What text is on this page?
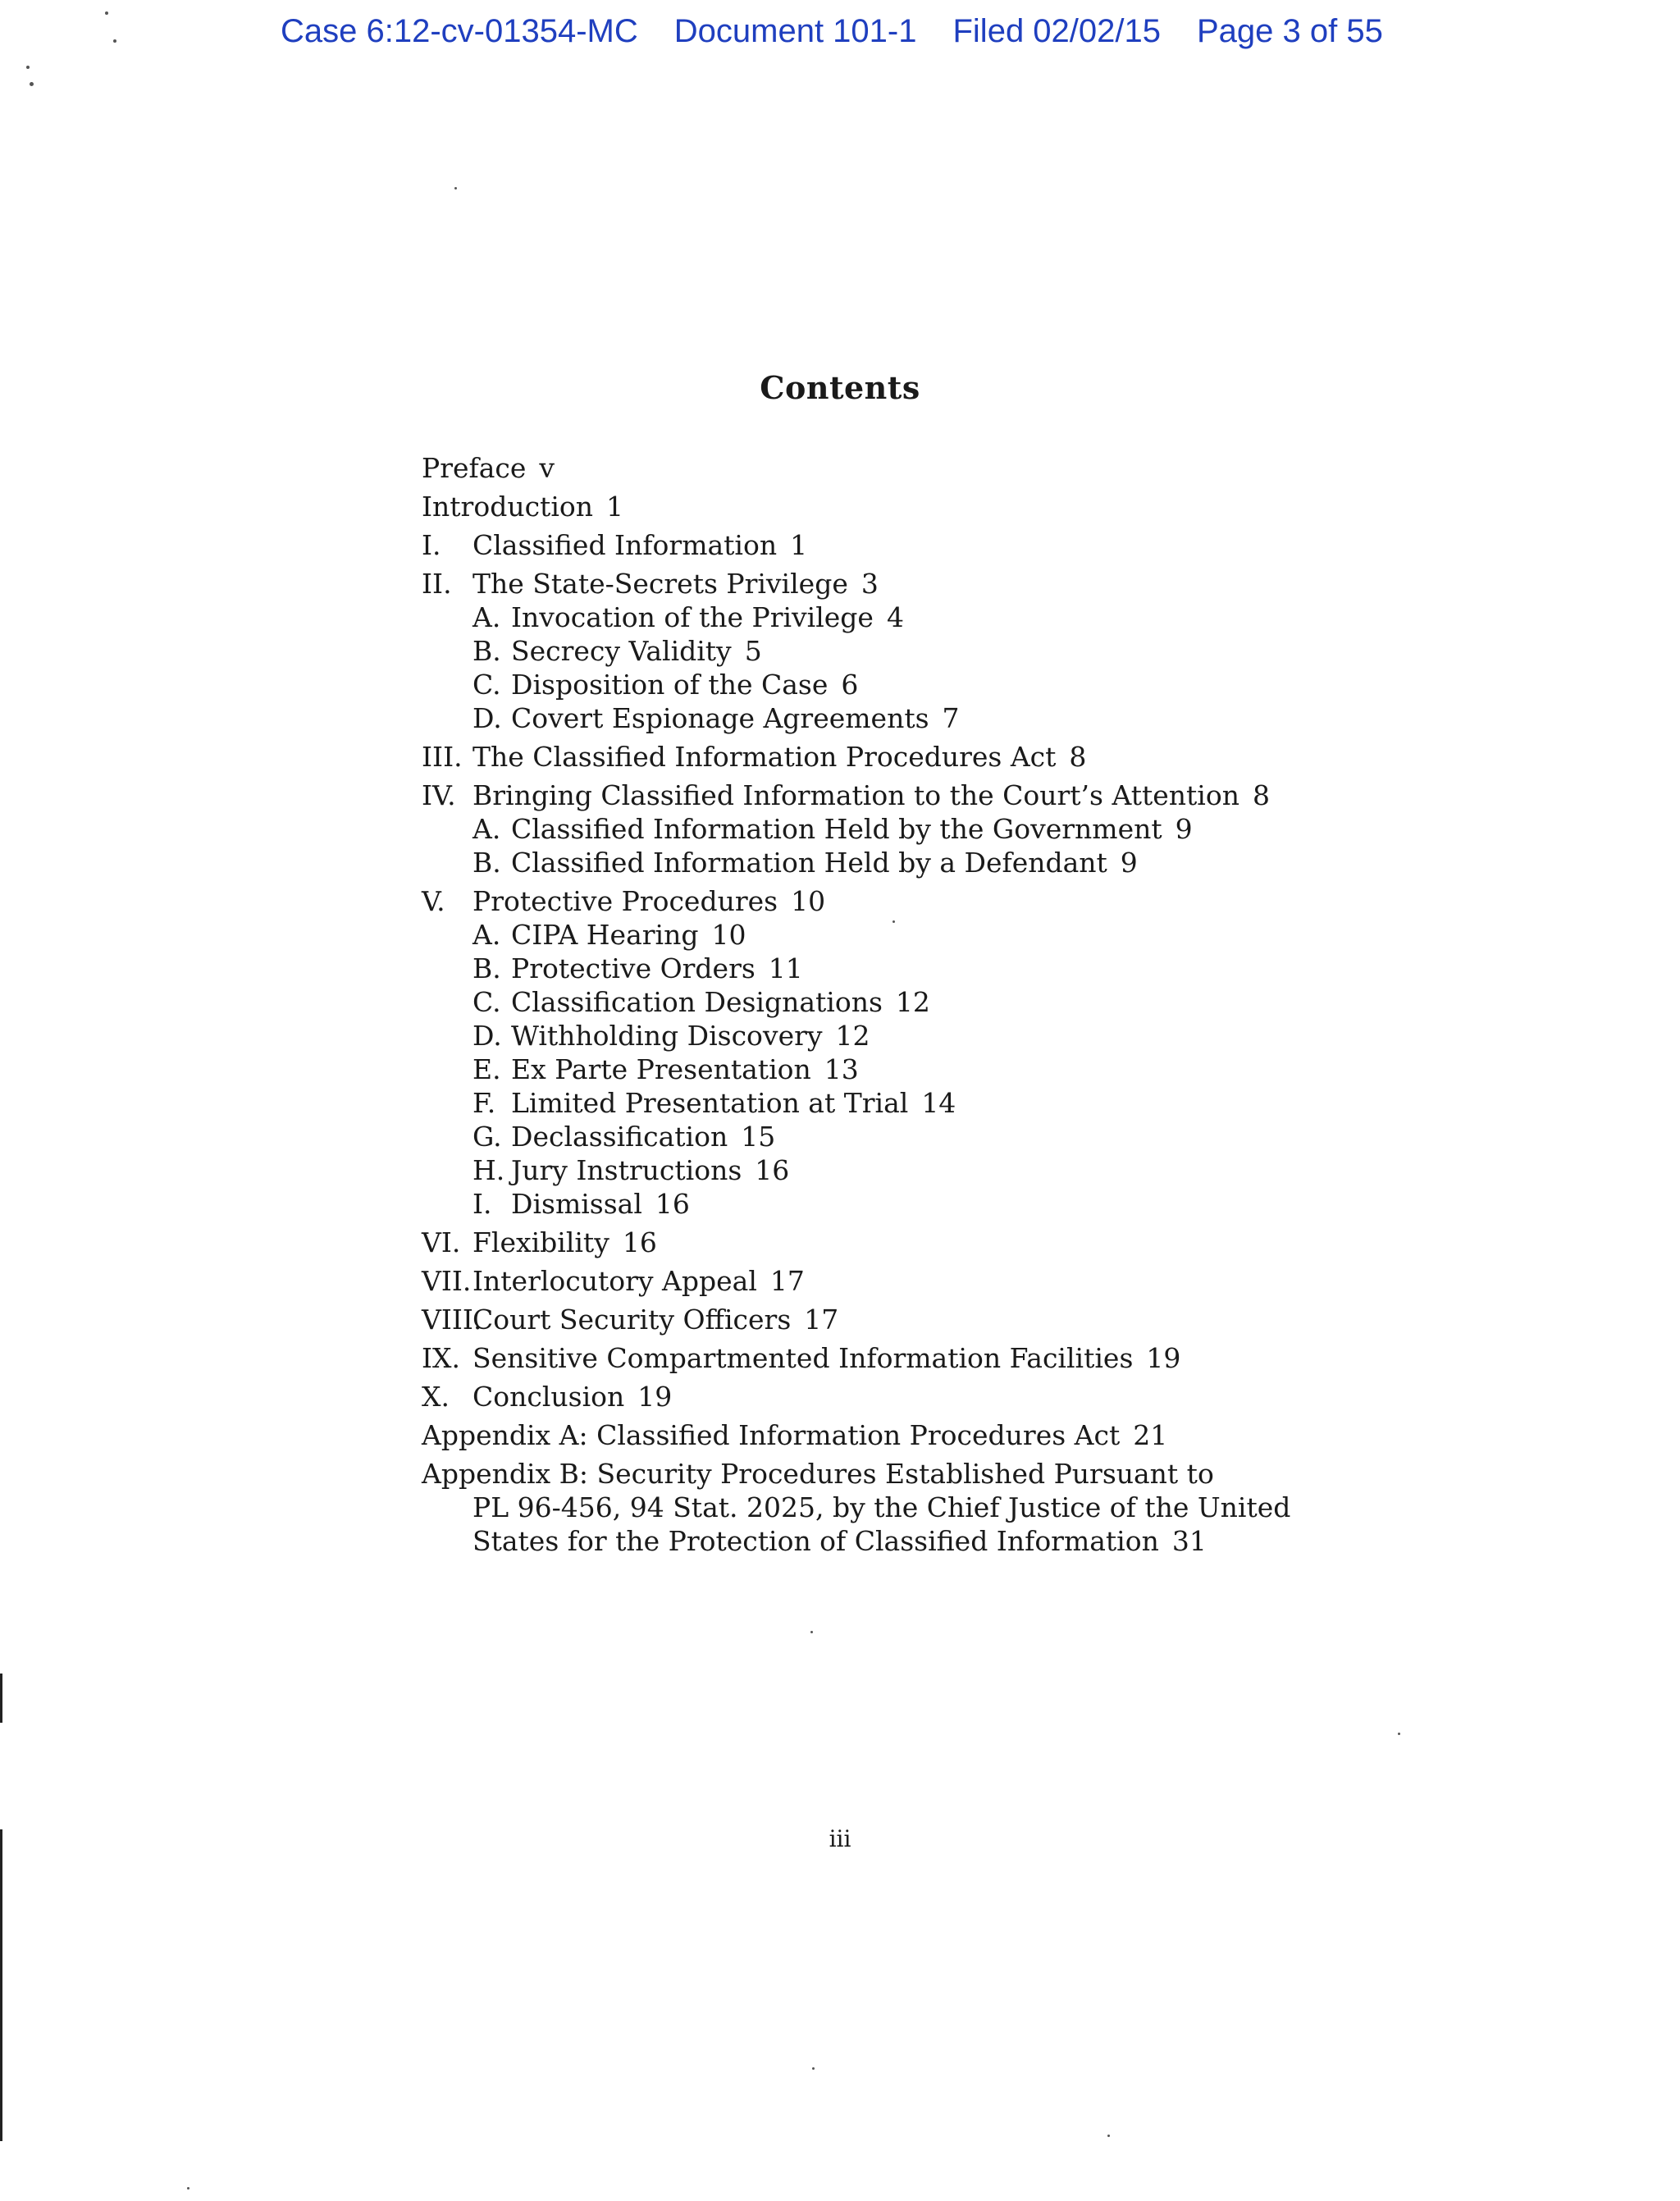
Case 6:12-cv-01354-MC Document 101-1 Filed 02/02/15 Page 3 of 55
Contents
Preface v
Introduction 1
I. Classified Information 1
II. The State-Secrets Privilege 3
A. Invocation of the Privilege 4
B. Secrecy Validity 5
C. Disposition of the Case 6
D. Covert Espionage Agreements 7
III. The Classified Information Procedures Act 8
IV. Bringing Classified Information to the Court’s Attention 8
A. Classified Information Held by the Government 9
B. Classified Information Held by a Defendant 9
V. Protective Procedures 10
A. CIPA Hearing 10
B. Protective Orders 11
C. Classification Designations 12
D. Withholding Discovery 12
E. Ex Parte Presentation 13
F. Limited Presentation at Trial 14
G. Declassification 15
H. Jury Instructions 16
I. Dismissal 16
VI. Flexibility 16
VII.Interlocutory Appeal 17
VIII.Court Security Officers 17
IX. Sensitive Compartmented Information Facilities 19
X. Conclusion 19
Appendix A: Classified Information Procedures Act 21
Appendix B: Security Procedures Established Pursuant to
PL 96-456, 94 Stat. 2025, by the Chief Justice of the United
States for the Protection of Classified Information 31
iii
